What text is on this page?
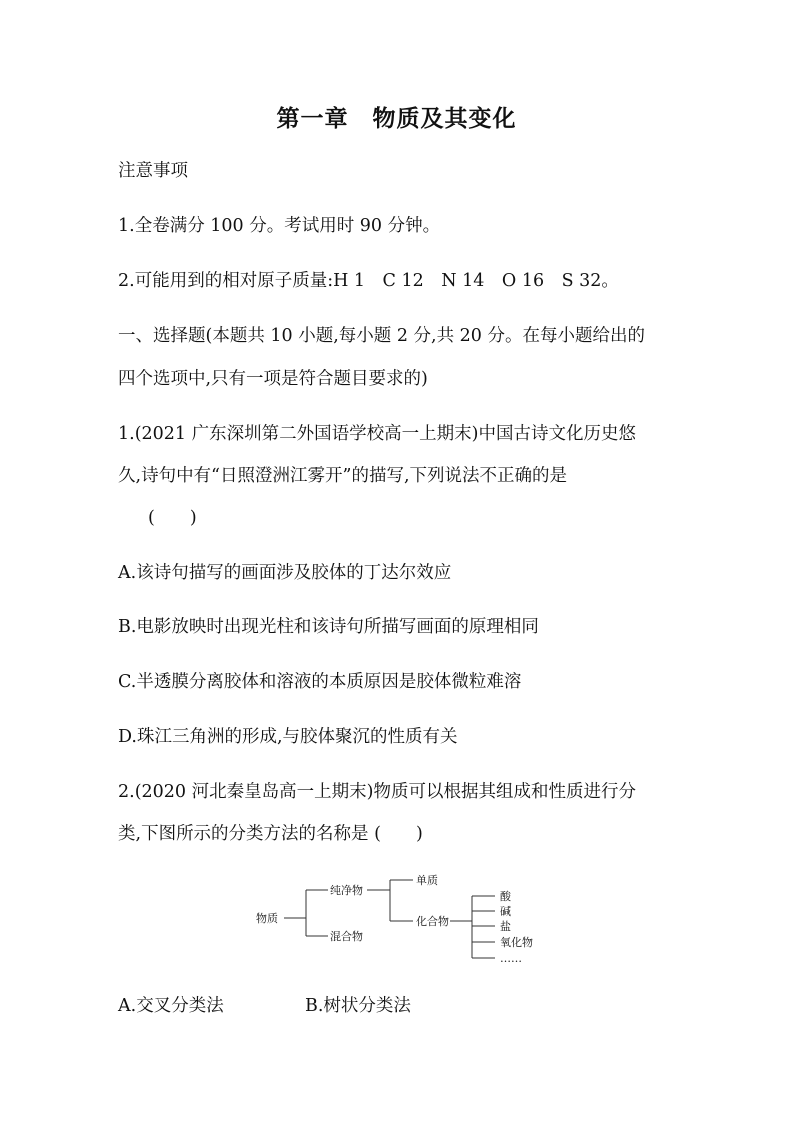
第一章　物质及其变化
注意事项
1.全卷满分 100 分。考试用时 90 分钟。
2.可能用到的相对原子质量:H 1　C 12　N 14　O 16　S 32。
一、选择题(本题共 10 小题,每小题 2 分,共 20 分。在每小题给出的
四个选项中,只有一项是符合题目要求的)
1.(2021 广东深圳第二外国语学校高一上期末)中国古诗文化历史悠
久,诗句中有“日照澄洲江雾开”的描写,下列说法不正确的是
(　　)
A.该诗句描写的画面涉及胶体的丁达尔效应
B.电影放映时出现光柱和该诗句所描写画面的原理相同
C.半透膜分离胶体和溶液的本质原因是胶体微粒难溶
D.珠江三角洲的形成,与胶体聚沉的性质有关
2.(2020 河北秦皇岛高一上期末)物质可以根据其组成和性质进行分
类,下图所示的分类方法的名称是 (　　)
物质
纯净物
混合物
单质
化合物
酸
碱
盐
氧化物
……
A.交叉分类法	B.树状分类法
